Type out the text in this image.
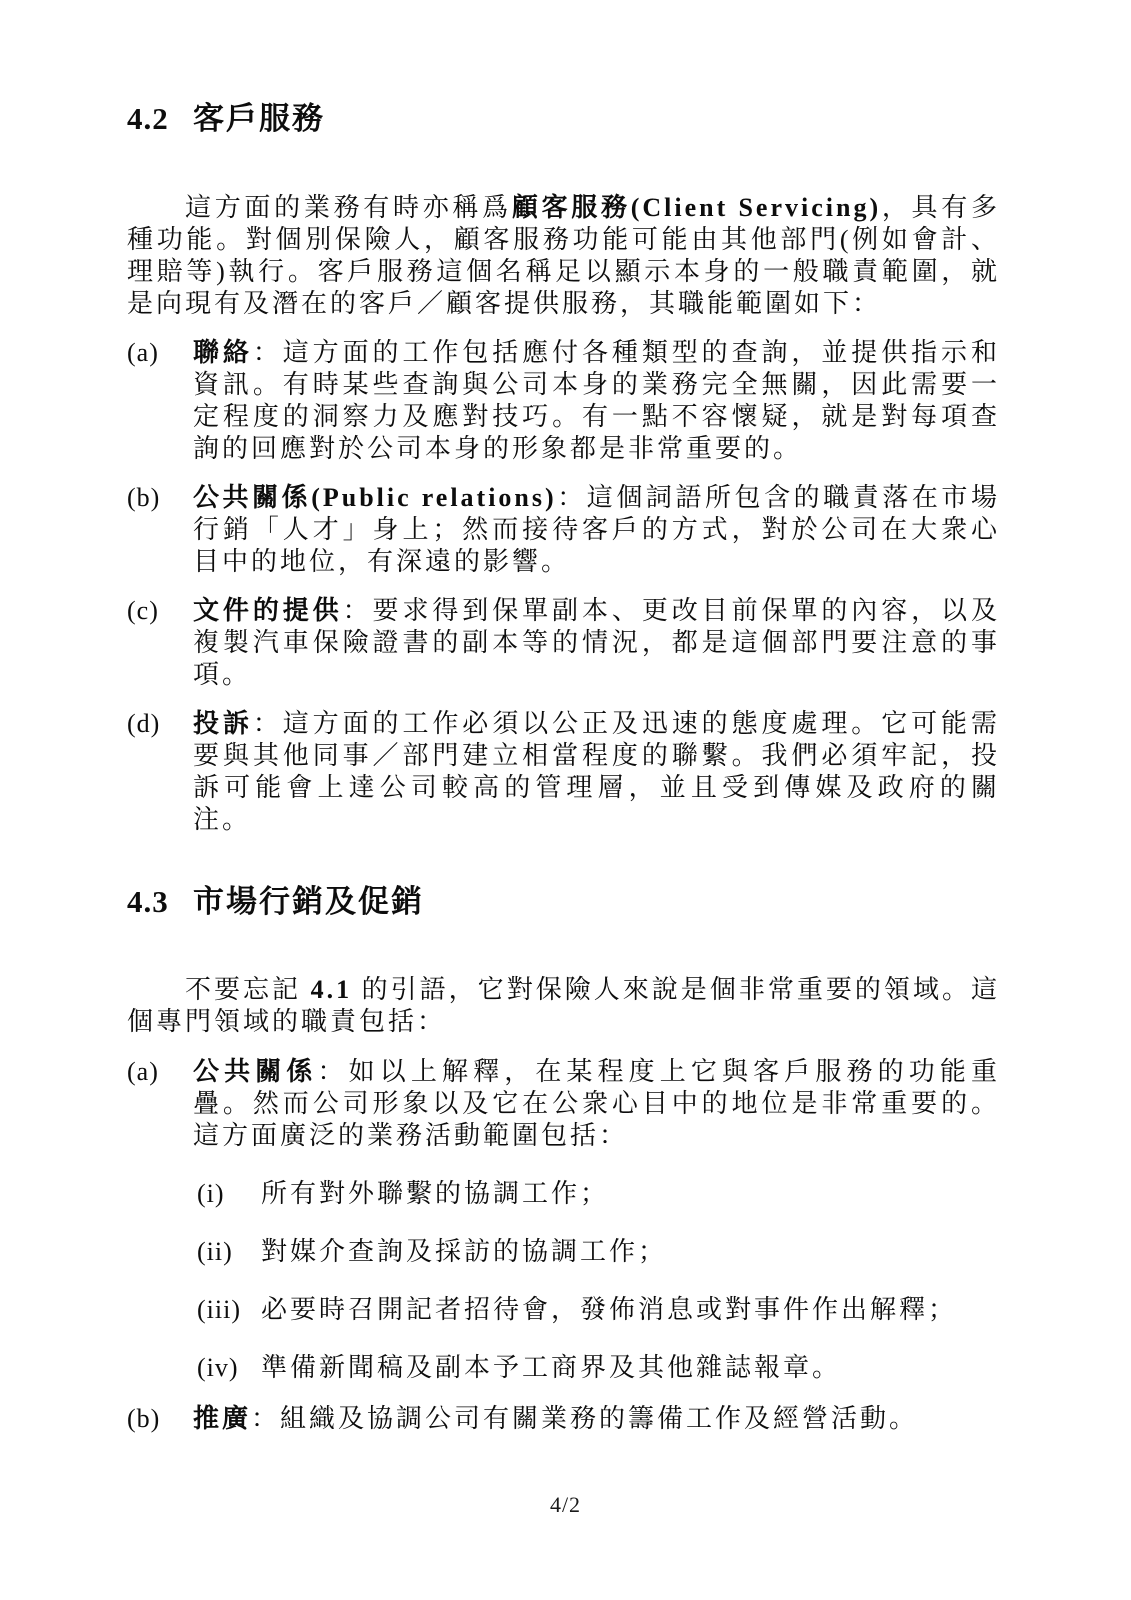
4.2 客戶服務

這方面的業務有時亦稱爲顧客服務(Client Servicing)，具有多種功能。對個別保險人，顧客服務功能可能由其他部門(例如會計、理賠等)執行。客戶服務這個名稱足以顯示本身的一般職責範圍，就是向現有及潛在的客戶／顧客提供服務，其職能範圍如下：

(a)	聯絡：這方面的工作包括應付各種類型的查詢，並提供指示和資訊。有時某些查詢與公司本身的業務完全無關，因此需要一定程度的洞察力及應對技巧。有一點不容懷疑，就是對每項查詢的回應對於公司本身的形象都是非常重要的。
(b)	公共關係(Public relations)：這個詞語所包含的職責落在市場行銷「人才」身上；然而接待客戶的方式，對於公司在大衆心目中的地位，有深遠的影響。
(c)	文件的提供：要求得到保單副本、更改目前保單的內容，以及複製汽車保險證書的副本等的情況，都是這個部門要注意的事項。
(d)	投訴：這方面的工作必須以公正及迅速的態度處理。它可能需要與其他同事／部門建立相當程度的聯繫。我們必須牢記，投訴可能會上達公司較高的管理層，並且受到傳媒及政府的關注。
4.3 市場行銷及促銷

不要忘記 4.1 的引語，它對保險人來說是個非常重要的領域。這個專門領域的職責包括：

(a)	公共關係：如以上解釋，在某程度上它與客戶服務的功能重疊。然而公司形象以及它在公衆心目中的地位是非常重要的。這方面廣泛的業務活動範圍包括：
(i)	所有對外聯繫的協調工作；
(ii)	對媒介查詢及採訪的協調工作；
(iii) 必要時召開記者招待會，發佈消息或對事件作出解釋；
(iv) 準備新聞稿及副本予工商界及其他雜誌報章。
(b)	推廣：組織及協調公司有關業務的籌備工作及經營活動。
4/2
